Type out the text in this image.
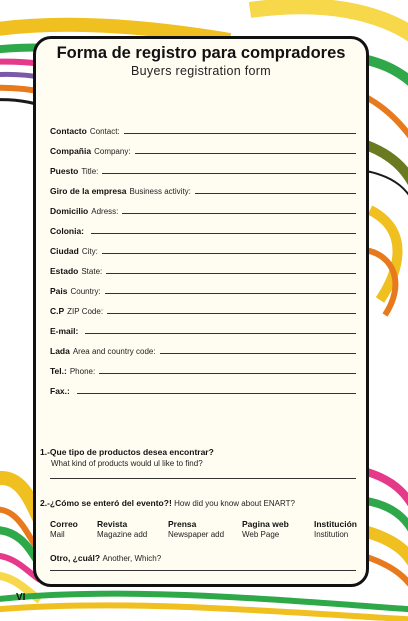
Forma de registro para compradores
Buyers registration form
Contacto Contact:
Compañia Company:
Puesto Title:
Giro de la empresa Business activity:
Domicilio Adress:
Colonia:
Ciudad City:
Estado State:
Pais Country:
C.P ZIP Code:
E-mail:
Lada Area and country code:
Tel.: Phone:
Fax.:
1.-Que tipo de productos desea encontrar?
What kind of products would ul like to find?
2.-¿Cómo se enteró del evento?! How did you know about ENART?
Correo
Mail
Revista
Magazine add
Prensa
Newspaper add
Pagina web
Web Page
Institución
Institution
Otro, ¿cuál? Another, Which?
VI
